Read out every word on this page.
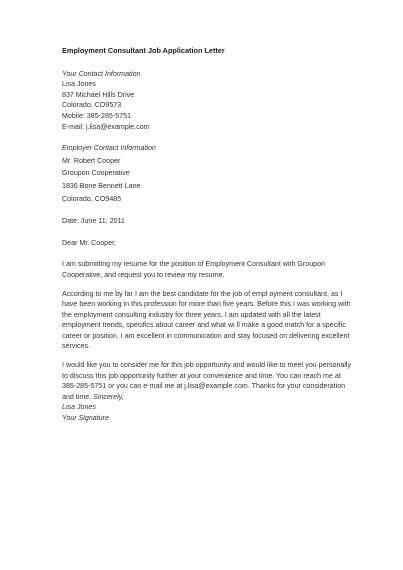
Employment Consultant Job Application Letter
Your Contact Information
Lisa Jones
837 Michael Hills Drive
Colorado, CO9573
Mobile: 385-285-5751
E-mail: j.lisa@example.com
Employer Contact Information
Mr. Robert Cooper
Groupon Cooperative
1836 Bone Bennett Lane
Colorado, CO9485
Date: June 11, 2011
Dear Mr. Cooper,
I am submitting my resume for the position of Employment Consultant with Groupon
Cooperative, and request you to review my resume.
According to me by far I am the best candidate for the job of empl oyment consultant, as I
have been working in this profession for more than five years. Before this I was working with
the employment consulting industry for three years. I am updated with all the latest
employment trends, specifics about career and what wi ll make a good match for a specific
career or position. I am excellent in communication and stay focused on delivering excellent
services.
I would like you to consider me for this job opportunity and would like to meet you personally
to discuss this job opportunity further at your convenience and time. You can reach me at
385-285-5751 or you can e-mail me at j.lisa@example.com. Thanks for your consideration
and time. Sincerely,
Lisa Jones
Your Signature
